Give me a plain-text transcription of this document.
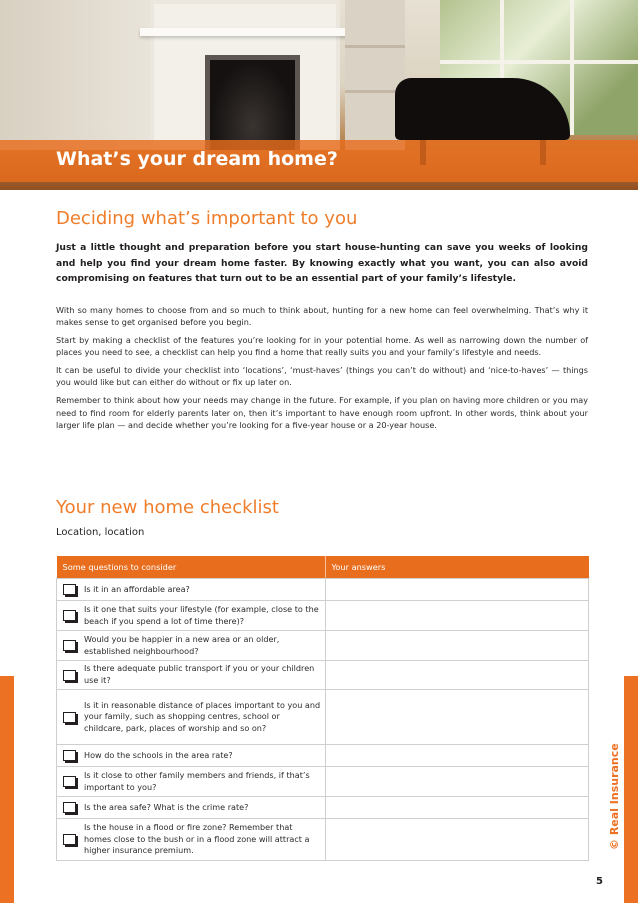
What’s your dream home?
Deciding what’s important to you

Just a little thought and preparation before you start house-hunting can save you weeks of looking and help you find your dream home faster. By knowing exactly what you want, you can also avoid compromising on features that turn out to be an essential part of your family’s lifestyle.

With so many homes to choose from and so much to think about, hunting for a new home can feel overwhelming. That’s why it makes sense to get organised before you begin.

Start by making a checklist of the features you’re looking for in your potential home. As well as narrowing down the number of places you need to see, a checklist can help you find a home that really suits you and your family’s lifestyle and needs.

It can be useful to divide your checklist into ‘locations’, ‘must-haves’ (things you can’t do without) and ‘nice-to-haves’ — things you would like but can either do without or fix up later on.

Remember to think about how your needs may change in the future. For example, if you plan on having more children or you may need to find room for elderly parents later on, then it’s important to have enough room upfront. In other words, think about your larger life plan — and decide whether you’re looking for a five-year house or a 20-year house.

Your new home checklist

Location, location

Some questions to consider	Your answers

Is it in an affordable area?	

Is it one that suits your lifestyle (for example, close to the beach if you spend a lot of time there)?	

Would you be happier in a new area or an older, established neighbourhood?	

Is there adequate public transport if you or your children use it?	

Is it in reasonable distance of places important to you and your family, such as shopping centres, school or childcare, park, places of worship and so on?	

How do the schools in the area rate?	

Is it close to other family members and friends, if that’s important to you?	

Is the area safe? What is the crime rate?	

Is the house in a flood or fire zone? Remember that homes close to the bush or in a flood zone will attract a higher insurance premium.	

© Real Insurance
5
